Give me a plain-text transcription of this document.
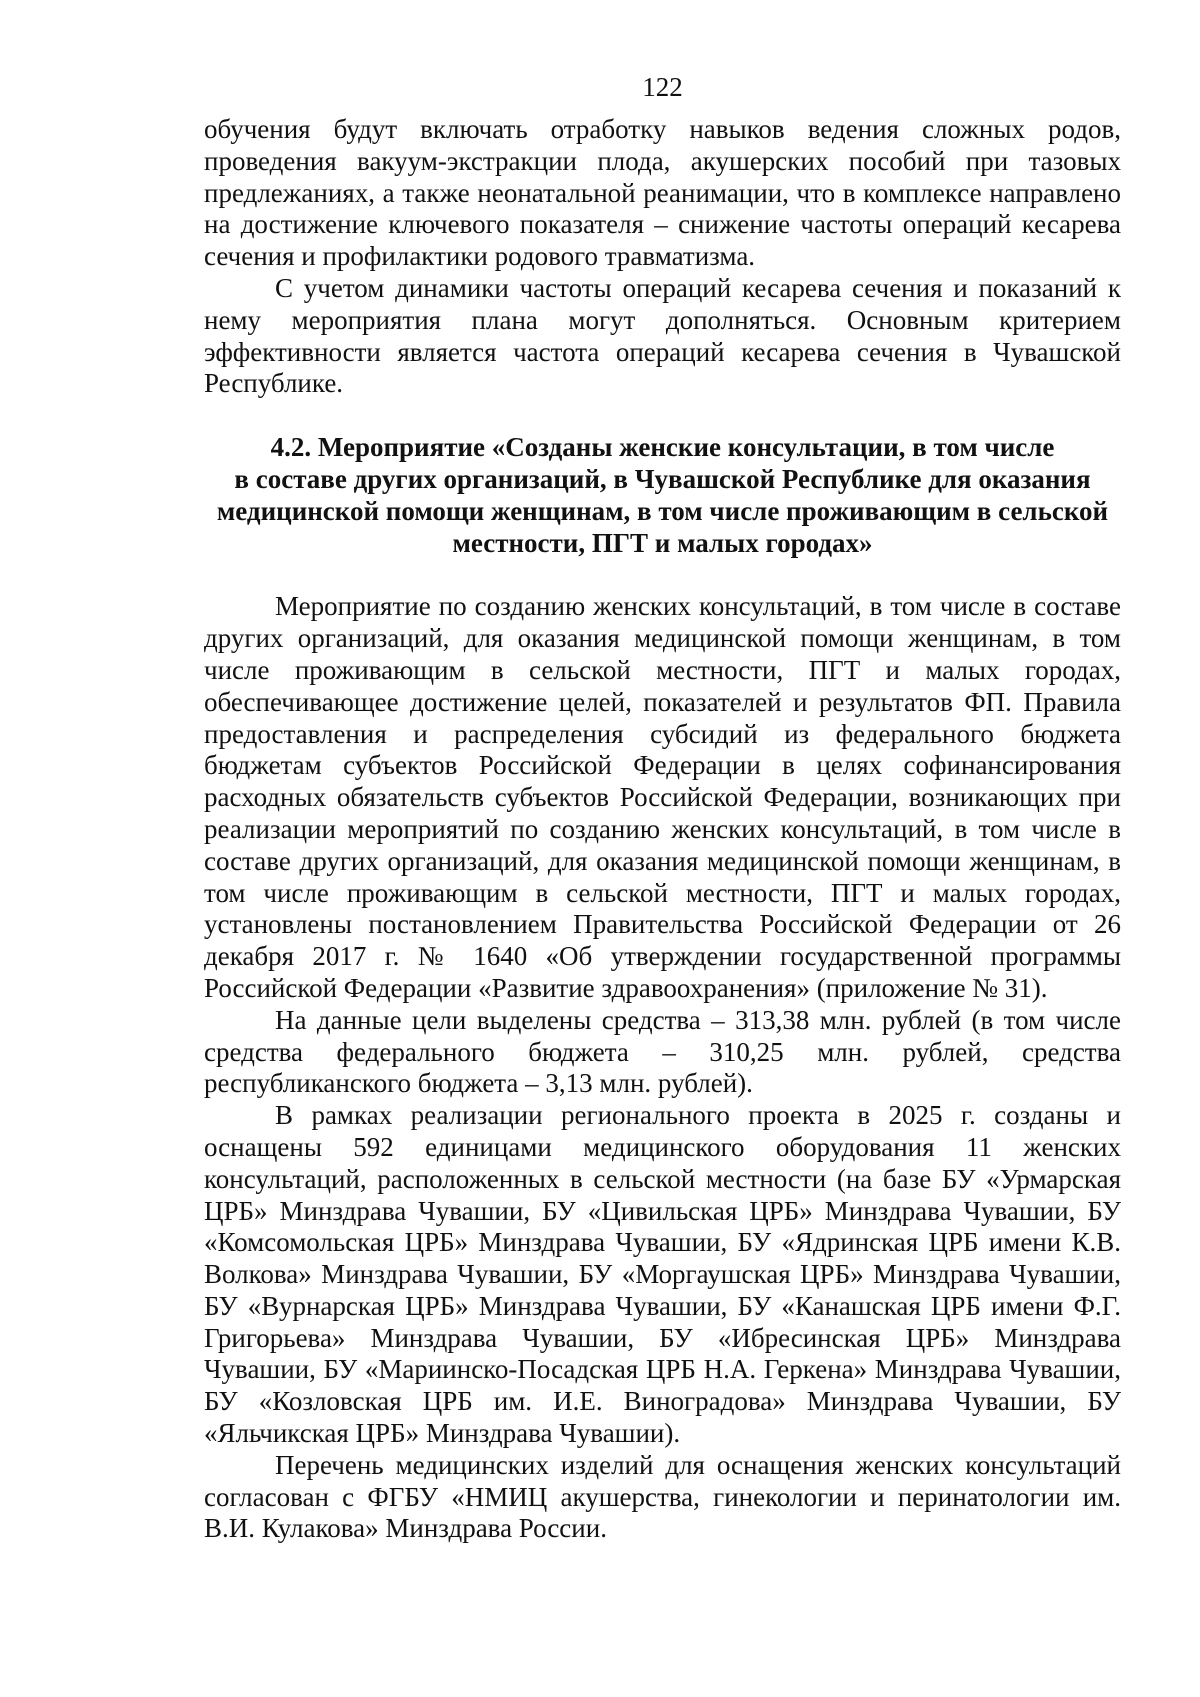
122

обучения будут включать отработку навыков ведения сложных родов, проведения вакуум-экстракции плода, акушерских пособий при тазовых предлежаниях, а также неонатальной реанимации, что в комплексе направлено на достижение ключевого показателя – снижение частоты операций кесарева сечения и профилактики родового травматизма.

С учетом динамики частоты операций кесарева сечения и показаний к нему мероприятия плана могут дополняться. Основным критерием эффективности является частота операций кесарева сечения в Чувашской Республике.

4.2. Мероприятие «Созданы женские консультации, в том числе
в составе других организаций, в Чувашской Республике для оказания
медицинской помощи женщинам, в том числе проживающим в сельской
местности, ПГТ и малых городах»

Мероприятие по созданию женских консультаций, в том числе в составе других организаций, для оказания медицинской помощи женщинам, в том числе проживающим в сельской местности, ПГТ и малых городах, обеспечивающее достижение целей, показателей и результатов ФП. Правила предоставления и распределения субсидий из федерального бюджета бюджетам субъектов Российской Федерации в целях софинансирования расходных обязательств субъектов Российской Федерации, возникающих при реализации мероприятий по созданию женских консультаций, в том числе в составе других организаций, для оказания медицинской помощи женщинам, в том числе проживающим в сельской местности, ПГТ и малых городах, установлены постановлением Правительства Российской Федерации от 26 декабря 2017 г. № 1640 «Об утверждении государственной программы Российской Федерации «Развитие здравоохранения» (приложение № 31).

На данные цели выделены средства – 313,38 млн. рублей (в том числе средства федерального бюджета – 310,25 млн. рублей, средства республиканского бюджета – 3,13 млн. рублей).

В рамках реализации регионального проекта в 2025 г. созданы и оснащены 592 единицами медицинского оборудования 11 женских консультаций, расположенных в сельской местности (на базе БУ «Урмарская ЦРБ» Минздрава Чувашии, БУ «Цивильская ЦРБ» Минздрава Чувашии, БУ «Комсомольская ЦРБ» Минздрава Чувашии, БУ «Ядринская ЦРБ имени К.В. Волкова» Минздрава Чувашии, БУ «Моргаушская ЦРБ» Минздрава Чувашии, БУ «Вурнарская ЦРБ» Минздрава Чувашии, БУ «Канашская ЦРБ имени Ф.Г. Григорьева» Минздрава Чувашии, БУ «Ибресинская ЦРБ» Минздрава Чувашии, БУ «Мариинско-Посадская ЦРБ Н.А. Геркена» Минздрава Чувашии, БУ «Козловская ЦРБ им. И.Е. Виноградова» Минздрава Чувашии, БУ «Яльчикская ЦРБ» Минздрава Чувашии).

Перечень медицинских изделий для оснащения женских консультаций согласован с ФГБУ «НМИЦ акушерства, гинекологии и перинатологии им. В.И. Кулакова» Минздрава России.
